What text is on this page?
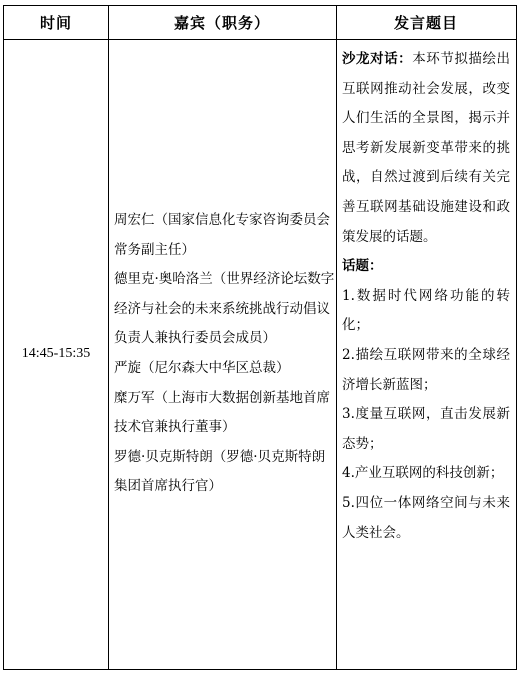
时间	嘉宾（职务）	发言题目
14:45-15:35

周宏仁（国家信息化专家咨询委员会常务副主任）

德里克·奥哈洛兰（世界经济论坛数字经济与社会的未来系统挑战行动倡议负责人兼执行委员会成员）

严旋（尼尔森大中华区总裁）

糜万军（上海市大数据创新基地首席技术官兼执行董事）

罗德·贝克斯特朗（罗德·贝克斯特朗集团首席执行官）

沙龙对话：本环节拟描绘出互联网推动社会发展，改变人们生活的全景图，揭示并思考新发展新变革带来的挑战，自然过渡到后续有关完善互联网基础设施建设和政策发展的话题。

话题：

1.数据时代网络功能的转化；

2.描绘互联网带来的全球经济增长新蓝图；

3.度量互联网，直击发展新态势；

4.产业互联网的科技创新；

5.四位一体网络空间与未来人类社会。
